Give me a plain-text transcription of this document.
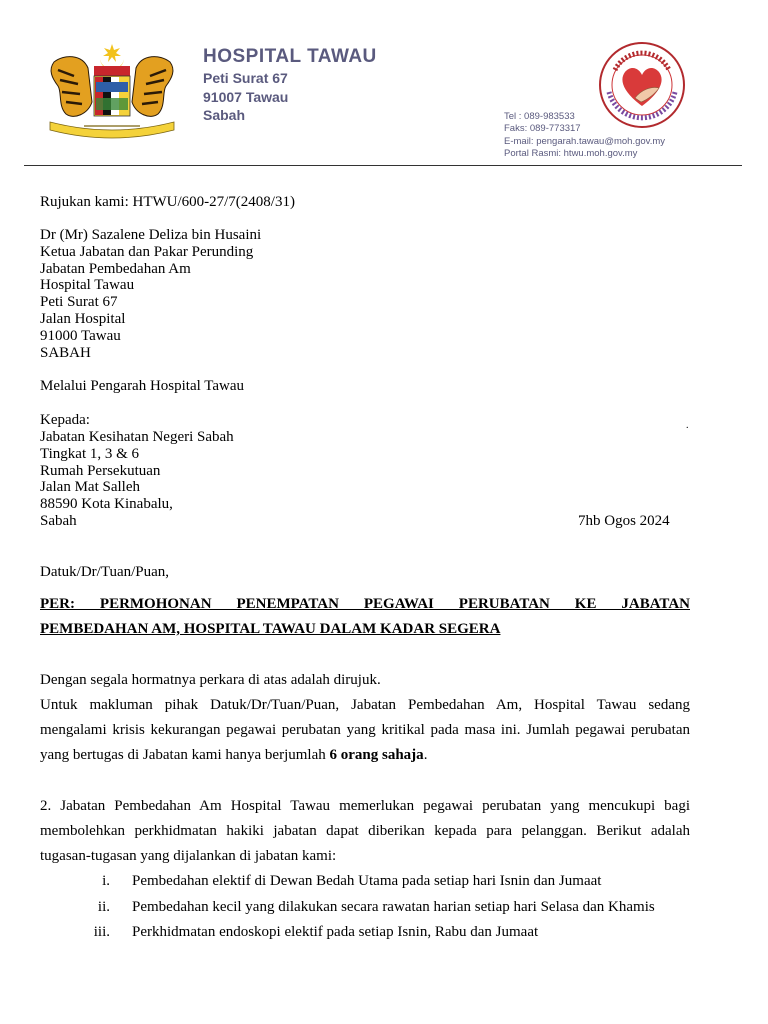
HOSPITAL TAWAU
Peti Surat 67
91007 Tawau
Sabah	Tel : 089-983533
Faks: 089-773317
E-mail: pengarah.tawau@moh.gov.my
Portal Rasmi: htwu.moh.gov.my
Rujukan kami: HTWU/600-27/7(2408/31)
Dr (Mr) Sazalene Deliza bin Husaini
Ketua Jabatan dan Pakar Perunding
Jabatan Pembedahan Am
Hospital Tawau
Peti Surat 67
Jalan Hospital
91000 Tawau
SABAH
Melalui Pengarah Hospital Tawau
Kepada:	.
Jabatan Kesihatan Negeri Sabah
Tingkat 1, 3 & 6
Rumah Persekutuan
Jalan Mat Salleh
88590 Kota Kinabalu,
Sabah	7hb Ogos 2024
Datuk/Dr/Tuan/Puan,
PER: PERMOHONAN PENEMPATAN PEGAWAI PERUBATAN KE JABATAN
PEMBEDAHAN AM, HOSPITAL TAWAU DALAM KADAR SEGERA
Dengan segala hormatnya perkara di atas adalah dirujuk.
Untuk makluman pihak Datuk/Dr/Tuan/Puan, Jabatan Pembedahan Am, Hospital Tawau sedang
mengalami krisis kekurangan pegawai perubatan yang kritikal pada masa ini. Jumlah pegawai perubatan
yang bertugas di Jabatan kami hanya berjumlah 6 orang sahaja.
2. Jabatan Pembedahan Am Hospital Tawau memerlukan pegawai perubatan yang mencukupi bagi
membolehkan perkhidmatan hakiki jabatan dapat diberikan kepada para pelanggan. Berikut adalah
tugasan-tugasan yang dijalankan di jabatan kami:
i. Pembedahan elektif di Dewan Bedah Utama pada setiap hari Isnin dan Jumaat
ii. Pembedahan kecil yang dilakukan secara rawatan harian setiap hari Selasa dan Khamis
iii. Perkhidmatan endoskopi elektif pada setiap Isnin, Rabu dan Jumaat
